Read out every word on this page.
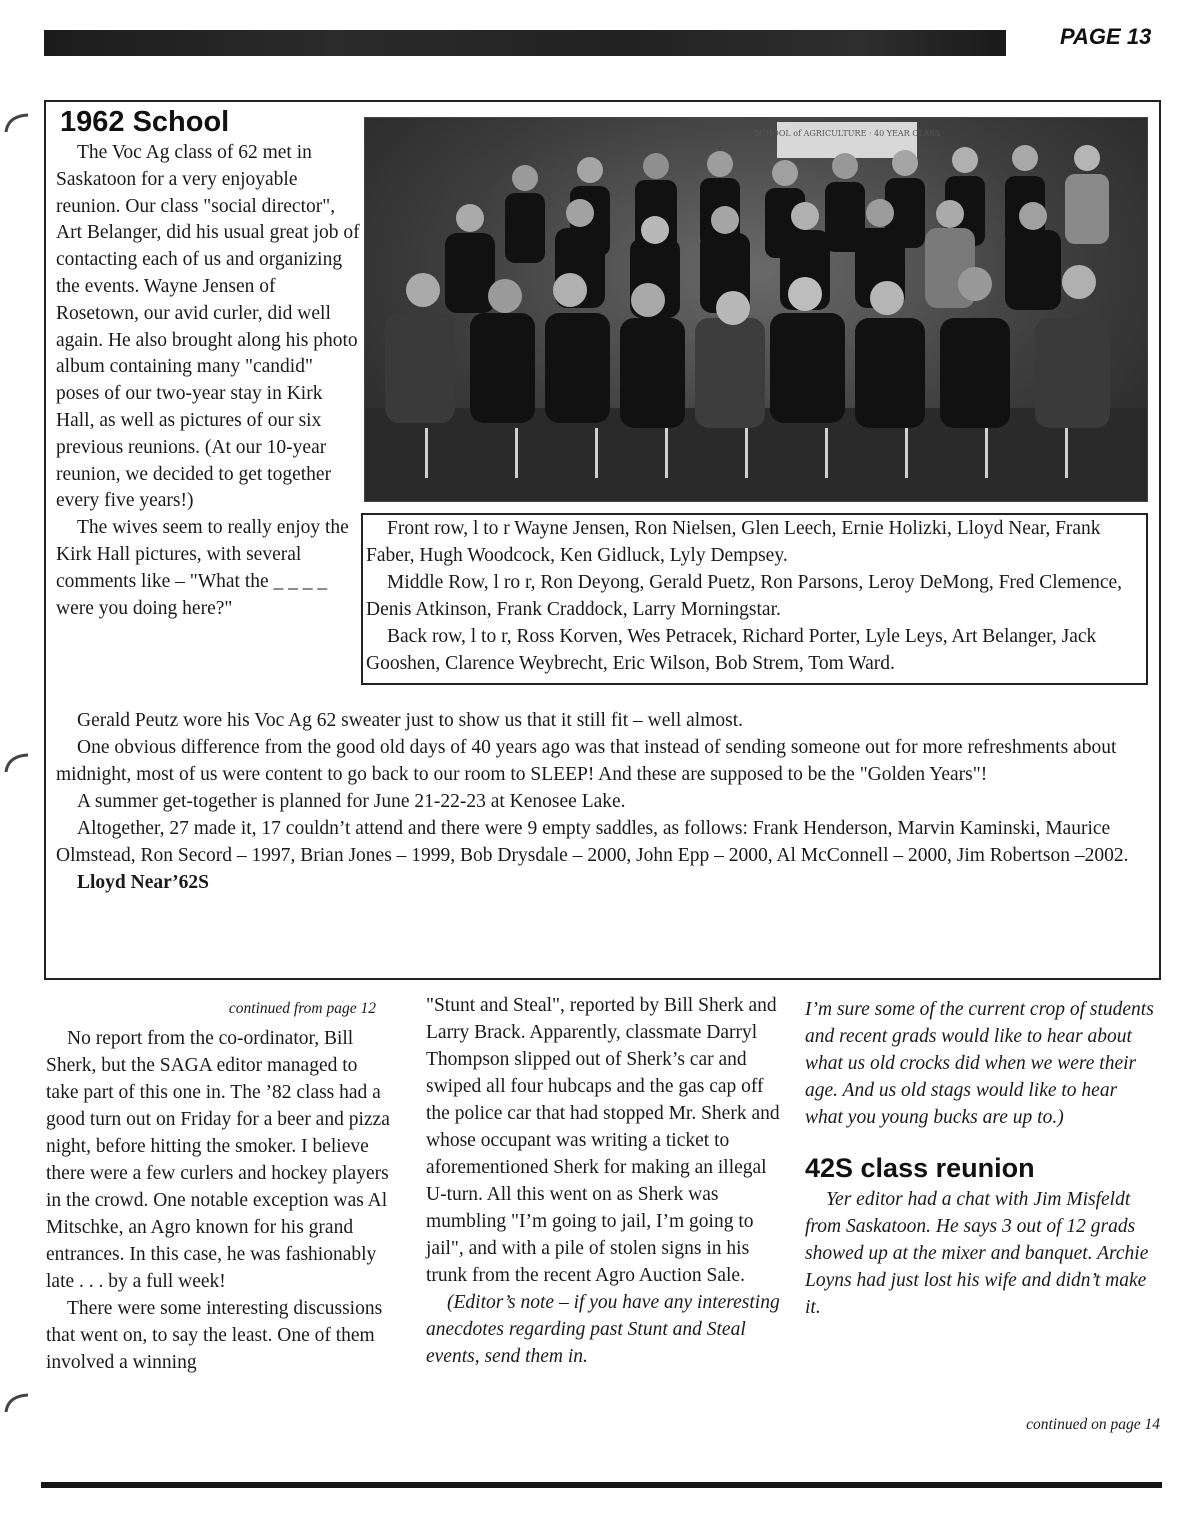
PAGE 13
1962 School

The Voc Ag class of 62 met in Saskatoon for a very enjoyable reunion. Our class "social director", Art Belanger, did his usual great job of contacting each of us and organizing the events. Wayne Jensen of Rosetown, our avid curler, did well again. He also brought along his photo album containing many "candid" poses of our two-year stay in Kirk Hall, as well as pictures of our six previous reunions. (At our 10-year reunion, we decided to get together every five years!)

The wives seem to really enjoy the Kirk Hall pictures, with several comments like – "What the _ _ _ _ were you doing here?"

SCHOOL of AGRICULTURE · 40 YEAR CLASS

Front row, l to r Wayne Jensen, Ron Nielsen, Glen Leech, Ernie Holizki, Lloyd Near, Frank Faber, Hugh Woodcock, Ken Gidluck, Lyly Dempsey.

Middle Row, l ro r, Ron Deyong, Gerald Puetz, Ron Parsons, Leroy DeMong, Fred Clemence, Denis Atkinson, Frank Craddock, Larry Morningstar.

Back row, l to r, Ross Korven, Wes Petracek, Richard Porter, Lyle Leys, Art Belanger, Jack Gooshen, Clarence Weybrecht, Eric Wilson, Bob Strem, Tom Ward.

Gerald Peutz wore his Voc Ag 62 sweater just to show us that it still fit – well almost.

One obvious difference from the good old days of 40 years ago was that instead of sending someone out for more refreshments about midnight, most of us were content to go back to our room to SLEEP! And these are supposed to be the "Golden Years"!

A summer get-together is planned for June 21-22-23 at Kenosee Lake.

Altogether, 27 made it, 17 couldn’t attend and there were 9 empty saddles, as follows: Frank Henderson, Marvin Kaminski, Maurice Olmstead, Ron Secord – 1997, Brian Jones – 1999, Bob Drysdale – 2000, John Epp – 2000, Al McConnell – 2000, Jim Robertson –2002.

Lloyd Near’62S

continued from page 12

No report from the co-ordinator, Bill Sherk, but the SAGA editor managed to take part of this one in. The ’82 class had a good turn out on Friday for a beer and pizza night, before hitting the smoker. I believe there were a few curlers and hockey players in the crowd. One notable exception was Al Mitschke, an Agro known for his grand entrances. In this case, he was fashionably late . . . by a full week!

There were some interesting discussions that went on, to say the least. One of them involved a winning

"Stunt and Steal", reported by Bill Sherk and Larry Brack. Apparently, classmate Darryl Thompson slipped out of Sherk’s car and swiped all four hubcaps and the gas cap off the police car that had stopped Mr. Sherk and whose occupant was writing a ticket to aforementioned Sherk for making an illegal U-turn. All this went on as Sherk was mumbling "I’m going to jail, I’m going to jail", and with a pile of stolen signs in his trunk from the recent Agro Auction Sale.

(Editor’s note – if you have any interesting anecdotes regarding past Stunt and Steal events, send them in.

I’m sure some of the current crop of students and recent grads would like to hear about what us old crocks did when we were their age. And us old stags would like to hear what you young bucks are up to.)

42S class reunion

Yer editor had a chat with Jim Misfeldt from Saskatoon. He says 3 out of 12 grads showed up at the mixer and banquet. Archie Loyns had just lost his wife and didn’t make it.

continued on page 14
